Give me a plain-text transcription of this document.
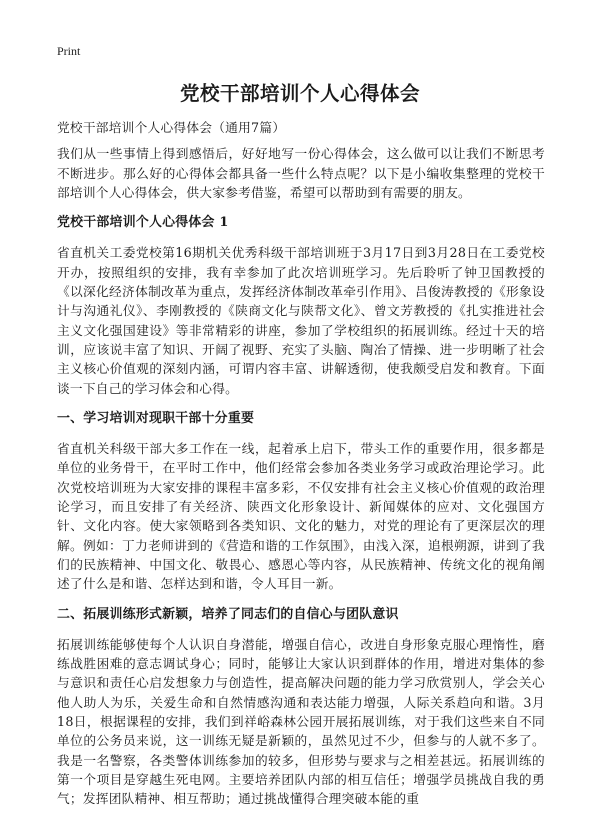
Print
党校干部培训个人心得体会

党校干部培训个人心得体会（通用7篇）

我们从一些事情上得到感悟后，好好地写一份心得体会，这么做可以让我们不断思考不断进步。那么好的心得体会都具备一些什么特点呢？以下是小编收集整理的党校干部培训个人心得体会，供大家参考借鉴，希望可以帮助到有需要的朋友。

党校干部培训个人心得体会 1

省直机关工委党校第16期机关优秀科级干部培训班于3月17日到3月28日在工委党校开办，按照组织的安排，我有幸参加了此次培训班学习。先后聆听了钟卫国教授的《以深化经济体制改革为重点，发挥经济体制改革牵引作用》、吕俊涛教授的《形象设计与沟通礼仪》、李刚教授的《陕商文化与陕帮文化》、曾文芳教授的《扎实推进社会主义文化强国建设》等非常精彩的讲座，参加了学校组织的拓展训练。经过十天的培训，应该说丰富了知识、开阔了视野、充实了头脑、陶冶了情操、进一步明晰了社会主义核心价值观的深刻内涵，可谓内容丰富、讲解透彻，使我颇受启发和教育。下面谈一下自己的学习体会和心得。

一、学习培训对现职干部十分重要

省直机关科级干部大多工作在一线，起着承上启下，带头工作的重要作用，很多都是单位的业务骨干，在平时工作中，他们经常会参加各类业务学习或政治理论学习。此次党校培训班为大家安排的课程丰富多彩，不仅安排有社会主义核心价值观的政治理论学习，而且安排了有关经济、陕西文化形象设计、新闻媒体的应对、文化强国方针、文化内容。使大家领略到各类知识、文化的魅力，对党的理论有了更深层次的理解。例如：丁力老师讲到的《营造和谐的工作氛围》，由浅入深，追根朔源，讲到了我们的民族精神、中国文化、敬畏心、感恩心等内容，从民族精神、传统文化的视角阐述了什么是和谐、怎样达到和谐，令人耳目一新。

二、拓展训练形式新颖，培养了同志们的自信心与团队意识

拓展训练能够使每个人认识自身潜能，增强自信心，改进自身形象克服心理惰性，磨练战胜困难的意志调试身心；同时，能够让大家认识到群体的作用，增进对集体的参与意识和责任心启发想象力与创造性，提高解决问题的能力学习欣赏别人，学会关心他人助人为乐，关爱生命和自然情感沟通和表达能力增强，人际关系趋向和谐。3月18日，根据课程的安排，我们到祥峪森林公园开展拓展训练，对于我们这些来自不同单位的公务员来说，这一训练无疑是新颖的，虽然见过不少，但参与的人就不多了。我是一名警察，各类警体训练参加的较多，但形势与要求与之相差甚远。拓展训练的第一个项目是穿越生死电网。主要培养团队内部的相互信任；增强学员挑战自我的勇气；发挥团队精神、相互帮助；通过挑战懂得合理突破本能的重
